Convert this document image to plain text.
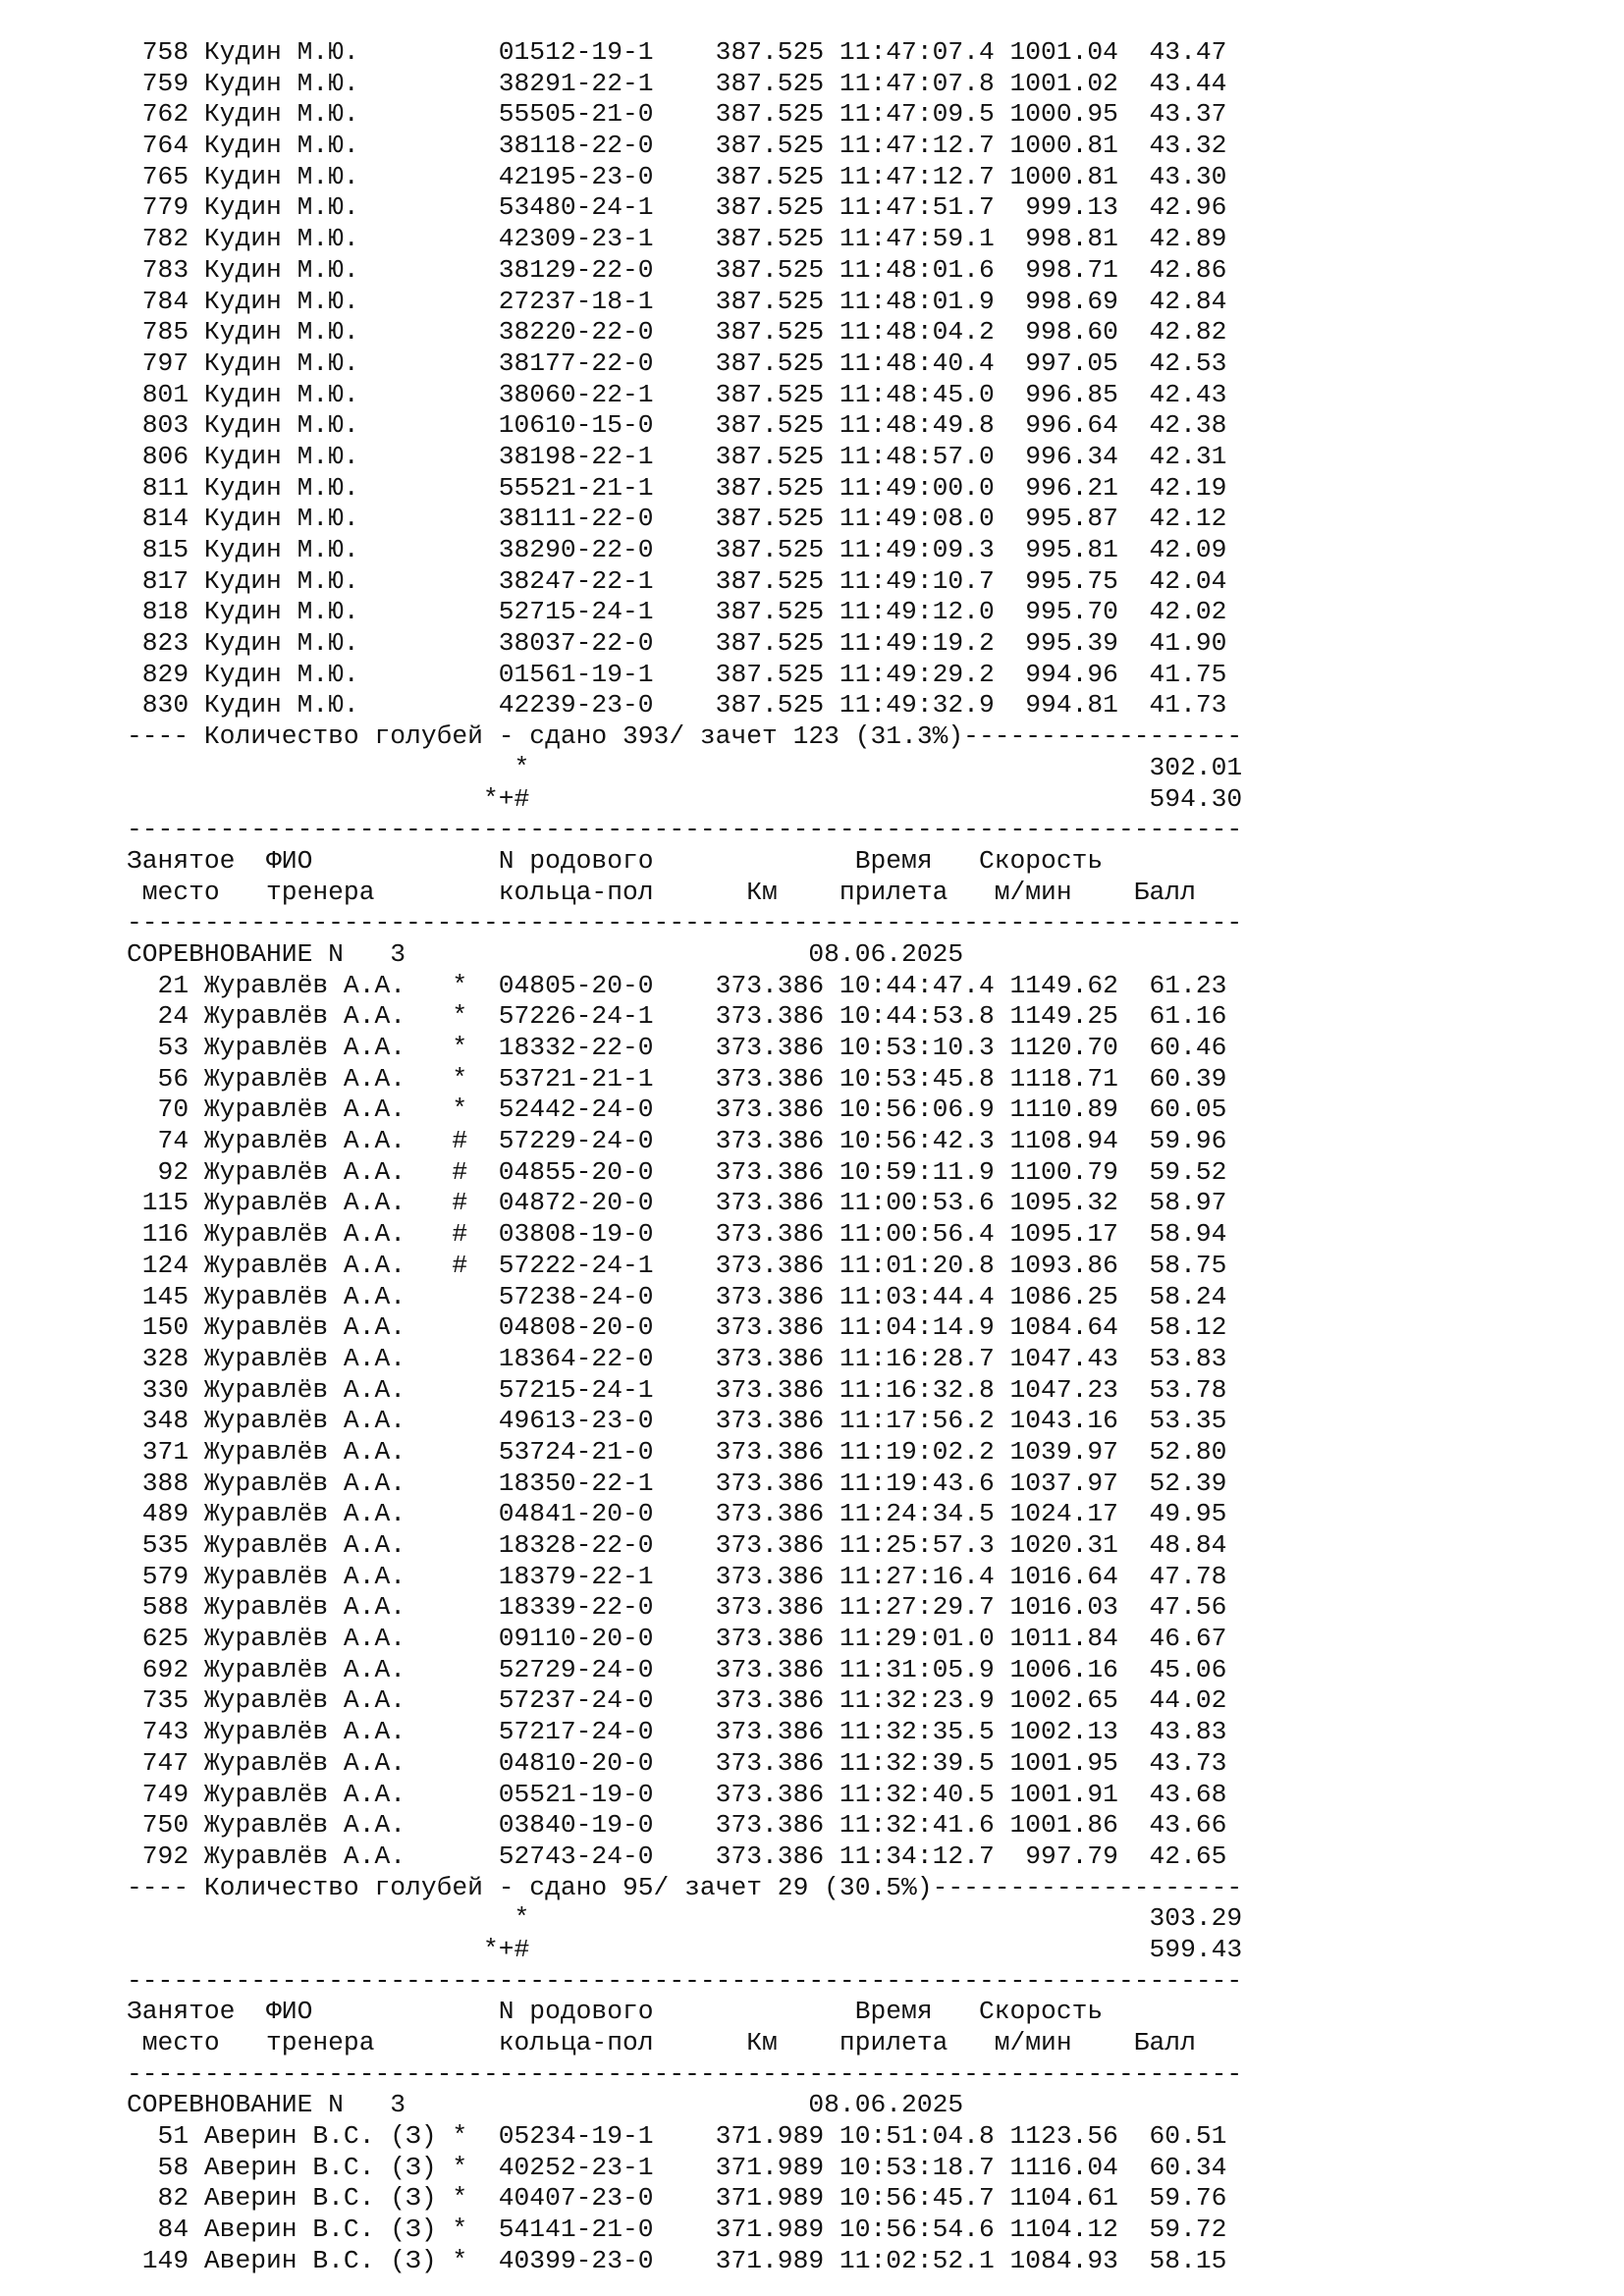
758 Кудин М.Ю.         01512-19-1    387.525 11:47:07.4 1001.04  43.47
759 Кудин М.Ю.         38291-22-1    387.525 11:47:07.8 1001.02  43.44
762 Кудин М.Ю.         55505-21-0    387.525 11:47:09.5 1000.95  43.37
764 Кудин М.Ю.         38118-22-0    387.525 11:47:12.7 1000.81  43.32
765 Кудин М.Ю.         42195-23-0    387.525 11:47:12.7 1000.81  43.30
779 Кудин М.Ю.         53480-24-1    387.525 11:47:51.7  999.13  42.96
782 Кудин М.Ю.         42309-23-1    387.525 11:47:59.1  998.81  42.89
783 Кудин М.Ю.         38129-22-0    387.525 11:48:01.6  998.71  42.86
784 Кудин М.Ю.         27237-18-1    387.525 11:48:01.9  998.69  42.84
785 Кудин М.Ю.         38220-22-0    387.525 11:48:04.2  998.60  42.82
797 Кудин М.Ю.         38177-22-0    387.525 11:48:40.4  997.05  42.53
801 Кудин М.Ю.         38060-22-1    387.525 11:48:45.0  996.85  42.43
803 Кудин М.Ю.         10610-15-0    387.525 11:48:49.8  996.64  42.38
806 Кудин М.Ю.         38198-22-1    387.525 11:48:57.0  996.34  42.31
811 Кудин М.Ю.         55521-21-1    387.525 11:49:00.0  996.21  42.19
814 Кудин М.Ю.         38111-22-0    387.525 11:49:08.0  995.87  42.12
815 Кудин М.Ю.         38290-22-0    387.525 11:49:09.3  995.81  42.09
817 Кудин М.Ю.         38247-22-1    387.525 11:49:10.7  995.75  42.04
818 Кудин М.Ю.         52715-24-1    387.525 11:49:12.0  995.70  42.02
823 Кудин М.Ю.         38037-22-0    387.525 11:49:19.2  995.39  41.90
829 Кудин М.Ю.         01561-19-1    387.525 11:49:29.2  994.96  41.75
830 Кудин М.Ю.         42239-23-0    387.525 11:49:32.9  994.81  41.73
---- Количество голубей - сдано 393/ зачет 123 (31.3%)------------------
*                                        302.01
*+#                                        594.30
------------------------------------------------------------------------
Занятое  ФИО            N родового             Время   Скорость
место   тренера        кольца-пол      Км    прилета   м/мин    Балл
------------------------------------------------------------------------
СОРЕВНОВАНИЕ N   3                          08.06.2025
21 Журавлёв А.А.   *  04805-20-0    373.386 10:44:47.4 1149.62  61.23
24 Журавлёв А.А.   *  57226-24-1    373.386 10:44:53.8 1149.25  61.16
53 Журавлёв А.А.   *  18332-22-0    373.386 10:53:10.3 1120.70  60.46
56 Журавлёв А.А.   *  53721-21-1    373.386 10:53:45.8 1118.71  60.39
70 Журавлёв А.А.   *  52442-24-0    373.386 10:56:06.9 1110.89  60.05
74 Журавлёв А.А.   #  57229-24-0    373.386 10:56:42.3 1108.94  59.96
92 Журавлёв А.А.   #  04855-20-0    373.386 10:59:11.9 1100.79  59.52
115 Журавлёв А.А.   #  04872-20-0    373.386 11:00:53.6 1095.32  58.97
116 Журавлёв А.А.   #  03808-19-0    373.386 11:00:56.4 1095.17  58.94
124 Журавлёв А.А.   #  57222-24-1    373.386 11:01:20.8 1093.86  58.75
145 Журавлёв А.А.      57238-24-0    373.386 11:03:44.4 1086.25  58.24
150 Журавлёв А.А.      04808-20-0    373.386 11:04:14.9 1084.64  58.12
328 Журавлёв А.А.      18364-22-0    373.386 11:16:28.7 1047.43  53.83
330 Журавлёв А.А.      57215-24-1    373.386 11:16:32.8 1047.23  53.78
348 Журавлёв А.А.      49613-23-0    373.386 11:17:56.2 1043.16  53.35
371 Журавлёв А.А.      53724-21-0    373.386 11:19:02.2 1039.97  52.80
388 Журавлёв А.А.      18350-22-1    373.386 11:19:43.6 1037.97  52.39
489 Журавлёв А.А.      04841-20-0    373.386 11:24:34.5 1024.17  49.95
535 Журавлёв А.А.      18328-22-0    373.386 11:25:57.3 1020.31  48.84
579 Журавлёв А.А.      18379-22-1    373.386 11:27:16.4 1016.64  47.78
588 Журавлёв А.А.      18339-22-0    373.386 11:27:29.7 1016.03  47.56
625 Журавлёв А.А.      09110-20-0    373.386 11:29:01.0 1011.84  46.67
692 Журавлёв А.А.      52729-24-0    373.386 11:31:05.9 1006.16  45.06
735 Журавлёв А.А.      57237-24-0    373.386 11:32:23.9 1002.65  44.02
743 Журавлёв А.А.      57217-24-0    373.386 11:32:35.5 1002.13  43.83
747 Журавлёв А.А.      04810-20-0    373.386 11:32:39.5 1001.95  43.73
749 Журавлёв А.А.      05521-19-0    373.386 11:32:40.5 1001.91  43.68
750 Журавлёв А.А.      03840-19-0    373.386 11:32:41.6 1001.86  43.66
792 Журавлёв А.А.      52743-24-0    373.386 11:34:12.7  997.79  42.65
---- Количество голубей - сдано 95/ зачет 29 (30.5%)--------------------
*                                        303.29
*+#                                        599.43
------------------------------------------------------------------------
Занятое  ФИО            N родового             Время   Скорость
место   тренера        кольца-пол      Км    прилета   м/мин    Балл
------------------------------------------------------------------------
СОРЕВНОВАНИЕ N   3                          08.06.2025
51 Аверин В.С. (З) *  05234-19-1    371.989 10:51:04.8 1123.56  60.51
58 Аверин В.С. (З) *  40252-23-1    371.989 10:53:18.7 1116.04  60.34
82 Аверин В.С. (З) *  40407-23-0    371.989 10:56:45.7 1104.61  59.76
84 Аверин В.С. (З) *  54141-21-0    371.989 10:56:54.6 1104.12  59.72
149 Аверин В.С. (З) *  40399-23-0    371.989 11:02:52.1 1084.93  58.15
